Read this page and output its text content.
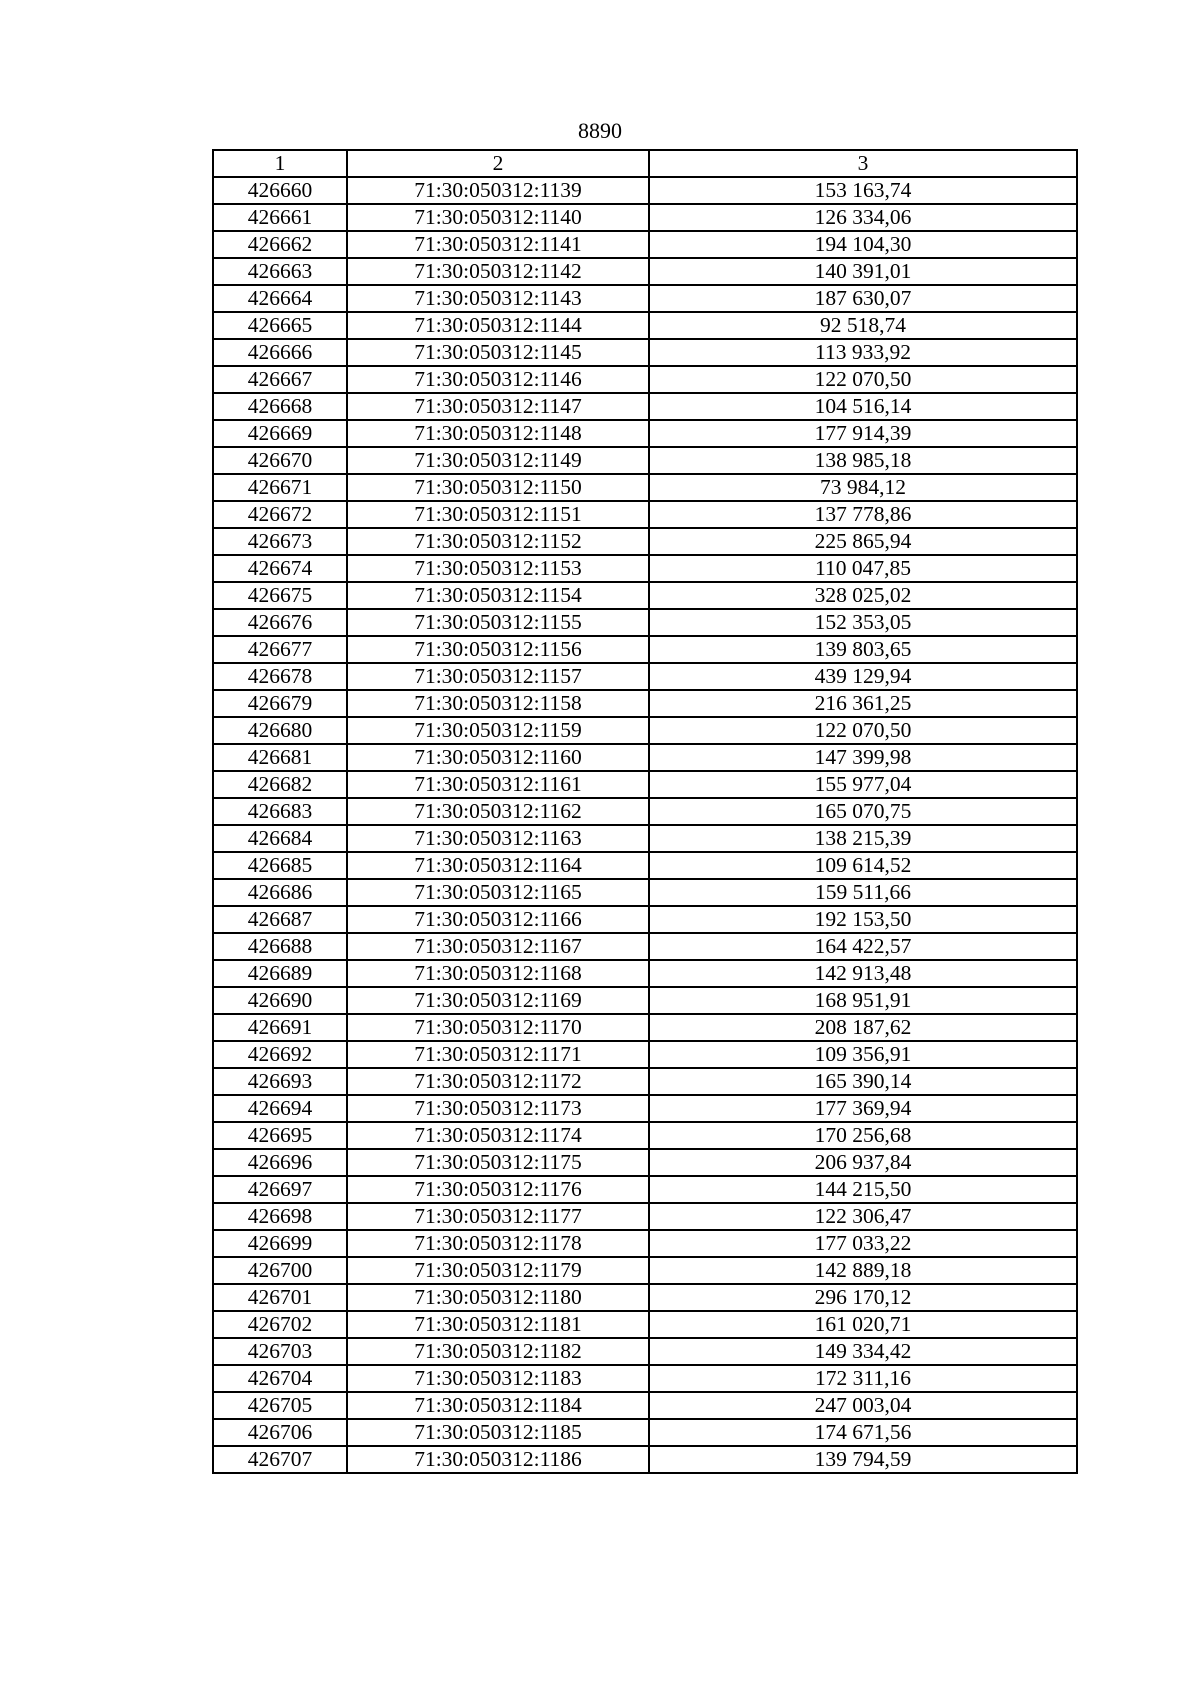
8890
1	2	3
426660	71:30:050312:1139	153 163,74
426661	71:30:050312:1140	126 334,06
426662	71:30:050312:1141	194 104,30
426663	71:30:050312:1142	140 391,01
426664	71:30:050312:1143	187 630,07
426665	71:30:050312:1144	92 518,74
426666	71:30:050312:1145	113 933,92
426667	71:30:050312:1146	122 070,50
426668	71:30:050312:1147	104 516,14
426669	71:30:050312:1148	177 914,39
426670	71:30:050312:1149	138 985,18
426671	71:30:050312:1150	73 984,12
426672	71:30:050312:1151	137 778,86
426673	71:30:050312:1152	225 865,94
426674	71:30:050312:1153	110 047,85
426675	71:30:050312:1154	328 025,02
426676	71:30:050312:1155	152 353,05
426677	71:30:050312:1156	139 803,65
426678	71:30:050312:1157	439 129,94
426679	71:30:050312:1158	216 361,25
426680	71:30:050312:1159	122 070,50
426681	71:30:050312:1160	147 399,98
426682	71:30:050312:1161	155 977,04
426683	71:30:050312:1162	165 070,75
426684	71:30:050312:1163	138 215,39
426685	71:30:050312:1164	109 614,52
426686	71:30:050312:1165	159 511,66
426687	71:30:050312:1166	192 153,50
426688	71:30:050312:1167	164 422,57
426689	71:30:050312:1168	142 913,48
426690	71:30:050312:1169	168 951,91
426691	71:30:050312:1170	208 187,62
426692	71:30:050312:1171	109 356,91
426693	71:30:050312:1172	165 390,14
426694	71:30:050312:1173	177 369,94
426695	71:30:050312:1174	170 256,68
426696	71:30:050312:1175	206 937,84
426697	71:30:050312:1176	144 215,50
426698	71:30:050312:1177	122 306,47
426699	71:30:050312:1178	177 033,22
426700	71:30:050312:1179	142 889,18
426701	71:30:050312:1180	296 170,12
426702	71:30:050312:1181	161 020,71
426703	71:30:050312:1182	149 334,42
426704	71:30:050312:1183	172 311,16
426705	71:30:050312:1184	247 003,04
426706	71:30:050312:1185	174 671,56
426707	71:30:050312:1186	139 794,59
